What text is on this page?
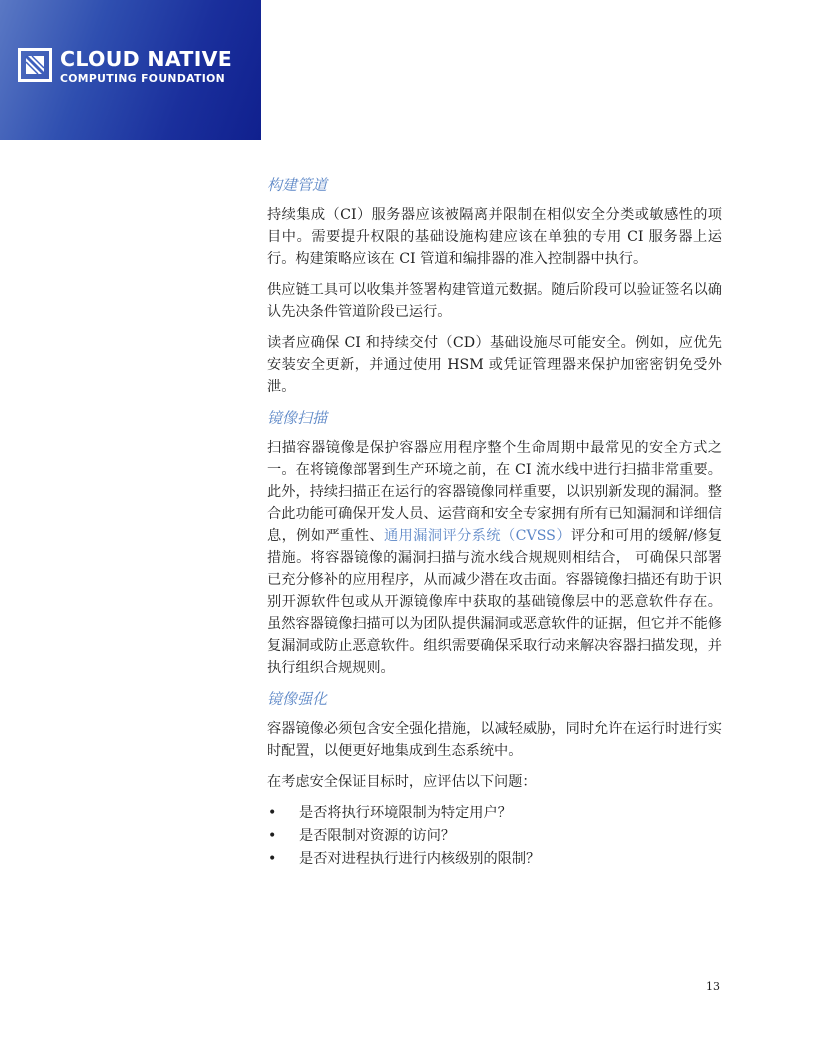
CLOUD NATIVE
COMPUTING FOUNDATION
构建管道

持续集成（CI）服务器应该被隔离并限制在相似安全分类或敏感性的项目中。需要提升权限的基础设施构建应该在单独的专用 CI 服务器上运行。构建策略应该在 CI 管道和编排器的准入控制器中执行。

供应链工具可以收集并签署构建管道元数据。随后阶段可以验证签名以确认先决条件管道阶段已运行。

读者应确保 CI 和持续交付（CD）基础设施尽可能安全。例如，应优先安装安全更新，并通过使用 HSM 或凭证管理器来保护加密密钥免受外泄。

镜像扫描

扫描容器镜像是保护容器应用程序整个生命周期中最常见的安全方式之一。在将镜像部署到生产环境之前，在 CI 流水线中进行扫描非常重要。 此外，持续扫描正在运行的容器镜像同样重要，以识别新发现的漏洞。整合此功能可确保开发人员、运营商和安全专家拥有所有已知漏洞和详细信息，例如严重性、通用漏洞评分系统（CVSS）评分和可用的缓解/修复措施。将容器镜像的漏洞扫描与流水线合规规则相结合， 可确保只部署已充分修补的应用程序，从而减少潜在攻击面。容器镜像扫描还有助于识别开源软件包或从开源镜像库中获取的基础镜像层中的恶意软件存在。 虽然容器镜像扫描可以为团队提供漏洞或恶意软件的证据，但它并不能修复漏洞或防止恶意软件。组织需要确保采取行动来解决容器扫描发现，并执行组织合规规则。

镜像强化

容器镜像必须包含安全强化措施，以减轻威胁，同时允许在运行时进行实时配置，以便更好地集成到生态系统中。

在考虑安全保证目标时，应评估以下问题：

• 是否将执行环境限制为特定用户？
• 是否限制对资源的访问？
• 是否对进程执行进行内核级别的限制？
13
